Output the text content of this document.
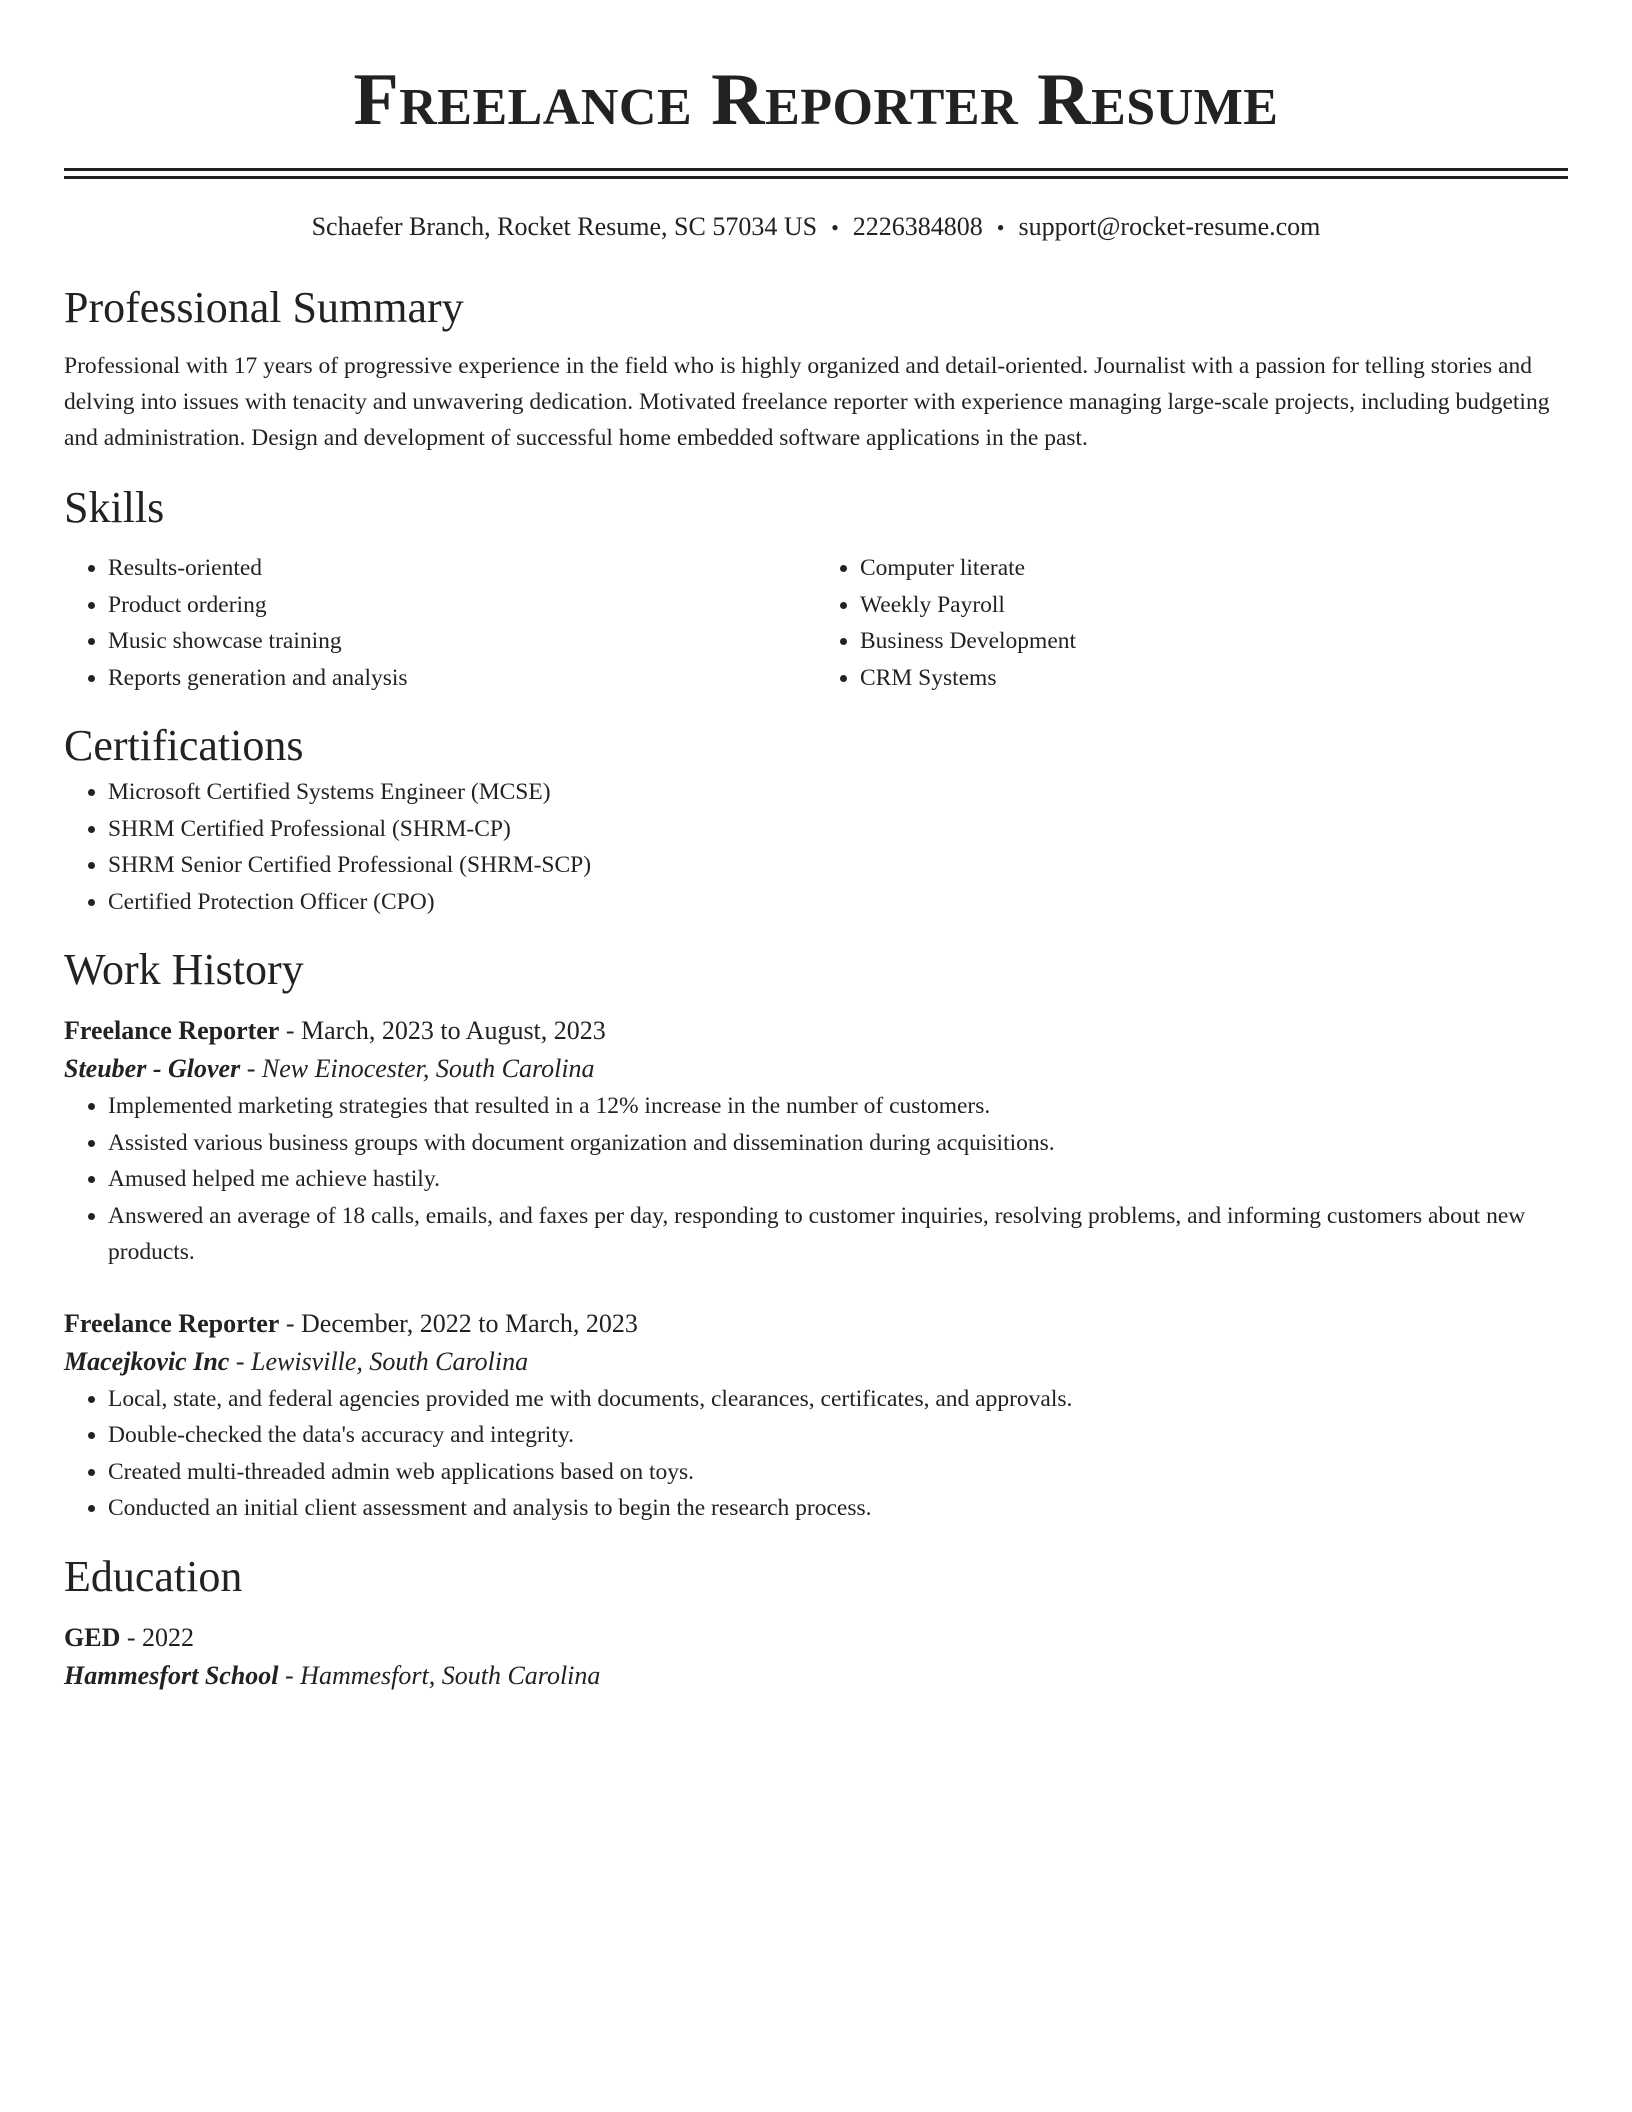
Freelance Reporter Resume
Schaefer Branch, Rocket Resume, SC 57034 US • 2226384808 • support@rocket-resume.com
Professional Summary

Professional with 17 years of progressive experience in the field who is highly organized and detail-oriented. Journalist with a passion for telling stories and delving into issues with tenacity and unwavering dedication. Motivated freelance reporter with experience managing large-scale projects, including budgeting and administration. Design and development of successful home embedded software applications in the past.

Skills
• Results-oriented
• Product ordering
• Music showcase training
• Reports generation and analysis
• Computer literate
• Weekly Payroll
• Business Development
• CRM Systems
Certifications
• Microsoft Certified Systems Engineer (MCSE)
• SHRM Certified Professional (SHRM-CP)
• SHRM Senior Certified Professional (SHRM-SCP)
• Certified Protection Officer (CPO)
Work History
Freelance Reporter - March, 2023 to August, 2023
Steuber - Glover - New Einocester, South Carolina
• Implemented marketing strategies that resulted in a 12% increase in the number of customers.
• Assisted various business groups with document organization and dissemination during acquisitions.
• Amused helped me achieve hastily.
• Answered an average of 18 calls, emails, and faxes per day, responding to customer inquiries, resolving problems, and informing customers about new products.
Freelance Reporter - December, 2022 to March, 2023
Macejkovic Inc - Lewisville, South Carolina
• Local, state, and federal agencies provided me with documents, clearances, certificates, and approvals.
• Double-checked the data's accuracy and integrity.
• Created multi-threaded admin web applications based on toys.
• Conducted an initial client assessment and analysis to begin the research process.
Education
GED - 2022
Hammesfort School - Hammesfort, South Carolina
